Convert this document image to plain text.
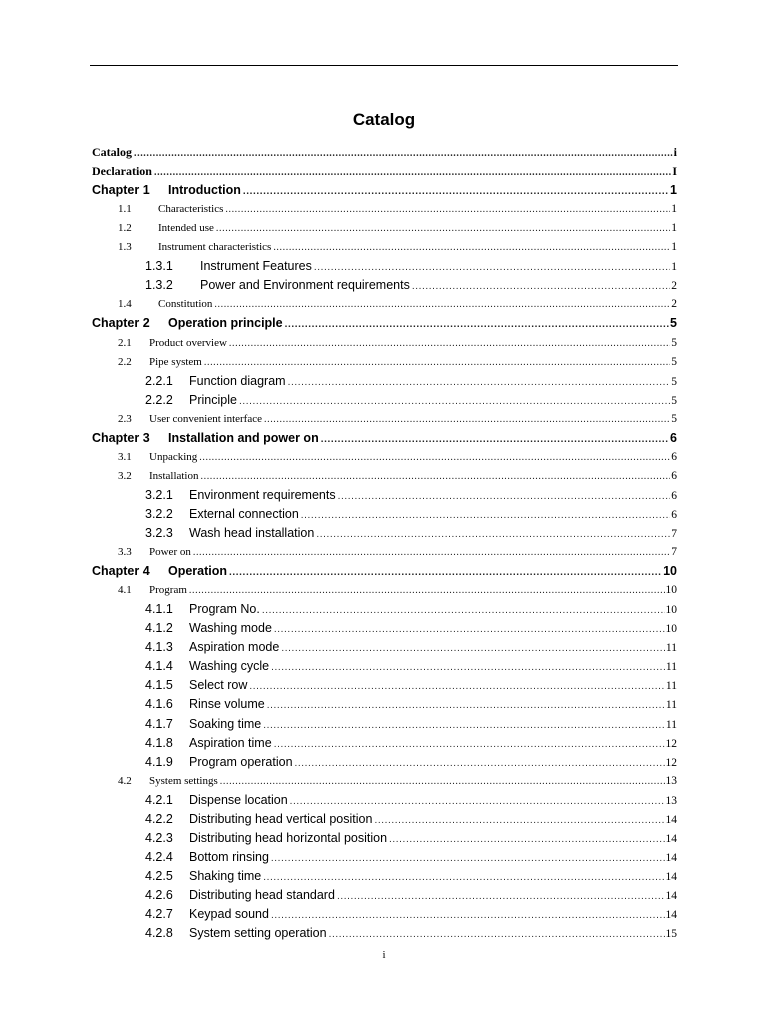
Catalog
Catalog .....	i
Declaration .....	I
Chapter 1	Introduction .....	1
1.1	Characteristics .....	1
1.2	Intended use .....	1
1.3	Instrument characteristics .....	1
1.3.1	Instrument Features .....	1
1.3.2	Power and Environment requirements .....	2
1.4	Constitution .....	2
Chapter 2	Operation principle .....	5
2.1	Product overview .....	5
2.2	Pipe system .....	5
2.2.1	Function diagram .....	5
2.2.2	Principle .....	5
2.3	User convenient interface .....	5
Chapter 3	Installation and power on .....	6
3.1	Unpacking .....	6
3.2	Installation .....	6
3.2.1	Environment requirements .....	6
3.2.2	External connection .....	6
3.2.3	Wash head installation .....	7
3.3	Power on .....	7
Chapter 4	Operation .....	10
4.1	Program .....	10
4.1.1	Program No. .....	10
4.1.2	Washing mode .....	10
4.1.3	Aspiration mode .....	11
4.1.4	Washing cycle .....	11
4.1.5	Select row .....	11
4.1.6	Rinse volume .....	11
4.1.7	Soaking time .....	11
4.1.8	Aspiration time .....	12
4.1.9	Program operation .....	12
4.2	System settings .....	13
4.2.1	Dispense location .....	13
4.2.2	Distributing head vertical position .....	14
4.2.3	Distributing head horizontal position .....	14
4.2.4	Bottom rinsing .....	14
4.2.5	Shaking time .....	14
4.2.6	Distributing head standard .....	14
4.2.7	Keypad sound .....	14
4.2.8	System setting operation .....	15
i
